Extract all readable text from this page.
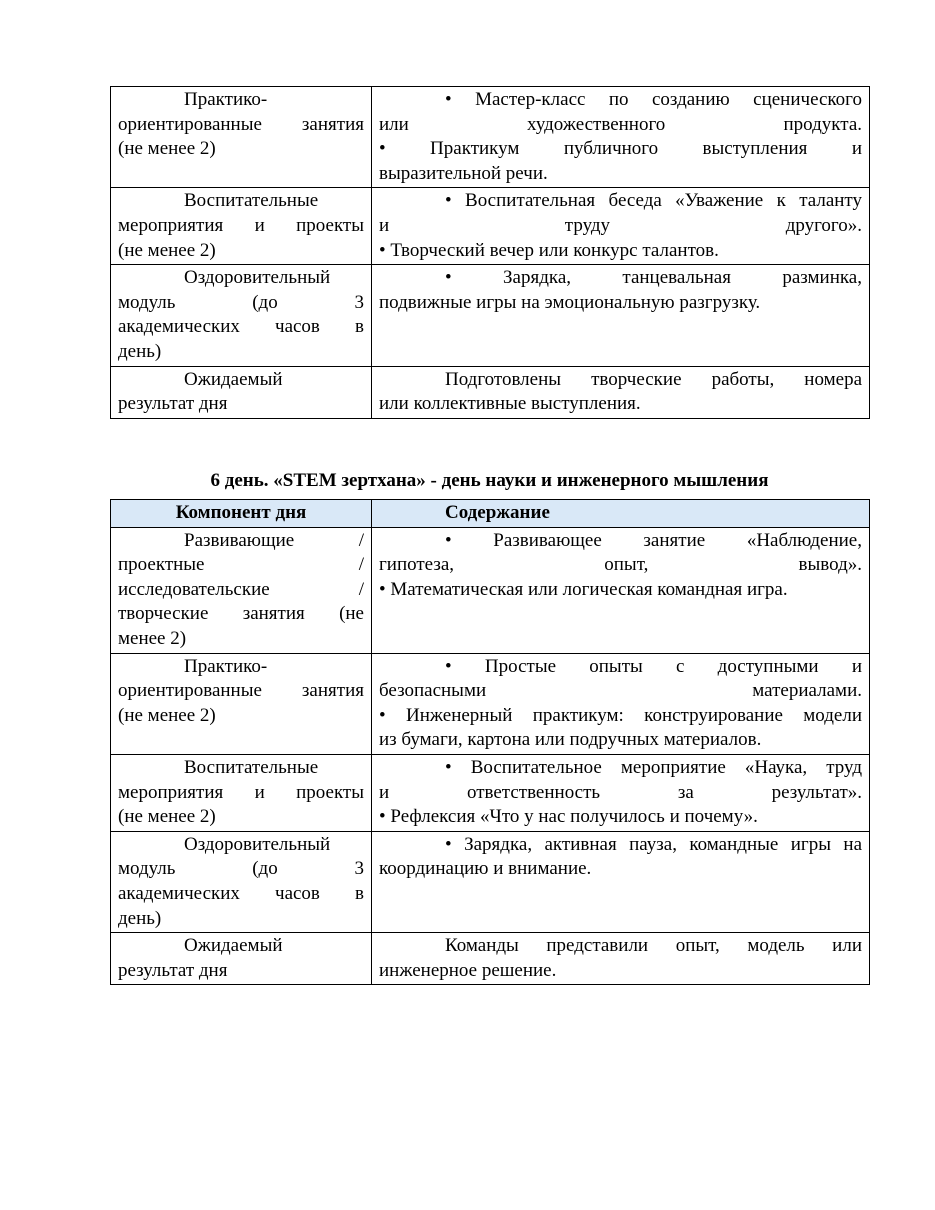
Практико-
ориентированные занятия
(не менее 2)	• Мастер-класс по созданию сценического
или художественного продукта.
• Практикум публичного выступления и
выразительной речи.

Воспитательные
мероприятия и проекты
(не менее 2)	• Воспитательная беседа «Уважение к таланту
и труду другого».
• Творческий вечер или конкурс талантов.

Оздоровительный
модуль (до 3
академических часов в
день)	• Зарядка, танцевальная разминка,
подвижные игры на эмоциональную разгрузку.

Ожидаемый
результат дня	Подготовлены творческие работы, номера
или коллективные выступления.
6 день. «STEM зертхана» - день науки и инженерного мышления
Компонент дня	Содержание

Развивающие /
проектные /
исследовательские /
творческие занятия (не
менее 2)	• Развивающее занятие «Наблюдение,
гипотеза, опыт, вывод».
• Математическая или логическая командная игра.

Практико-
ориентированные занятия
(не менее 2)	• Простые опыты с доступными и
безопасными материалами.
• Инженерный практикум: конструирование модели
из бумаги, картона или подручных материалов.

Воспитательные
мероприятия и проекты
(не менее 2)	• Воспитательное мероприятие «Наука, труд
и ответственность за результат».
• Рефлексия «Что у нас получилось и почему».

Оздоровительный
модуль (до 3
академических часов в
день)	• Зарядка, активная пауза, командные игры на
координацию и внимание.

Ожидаемый
результат дня	Команды представили опыт, модель или
инженерное решение.
